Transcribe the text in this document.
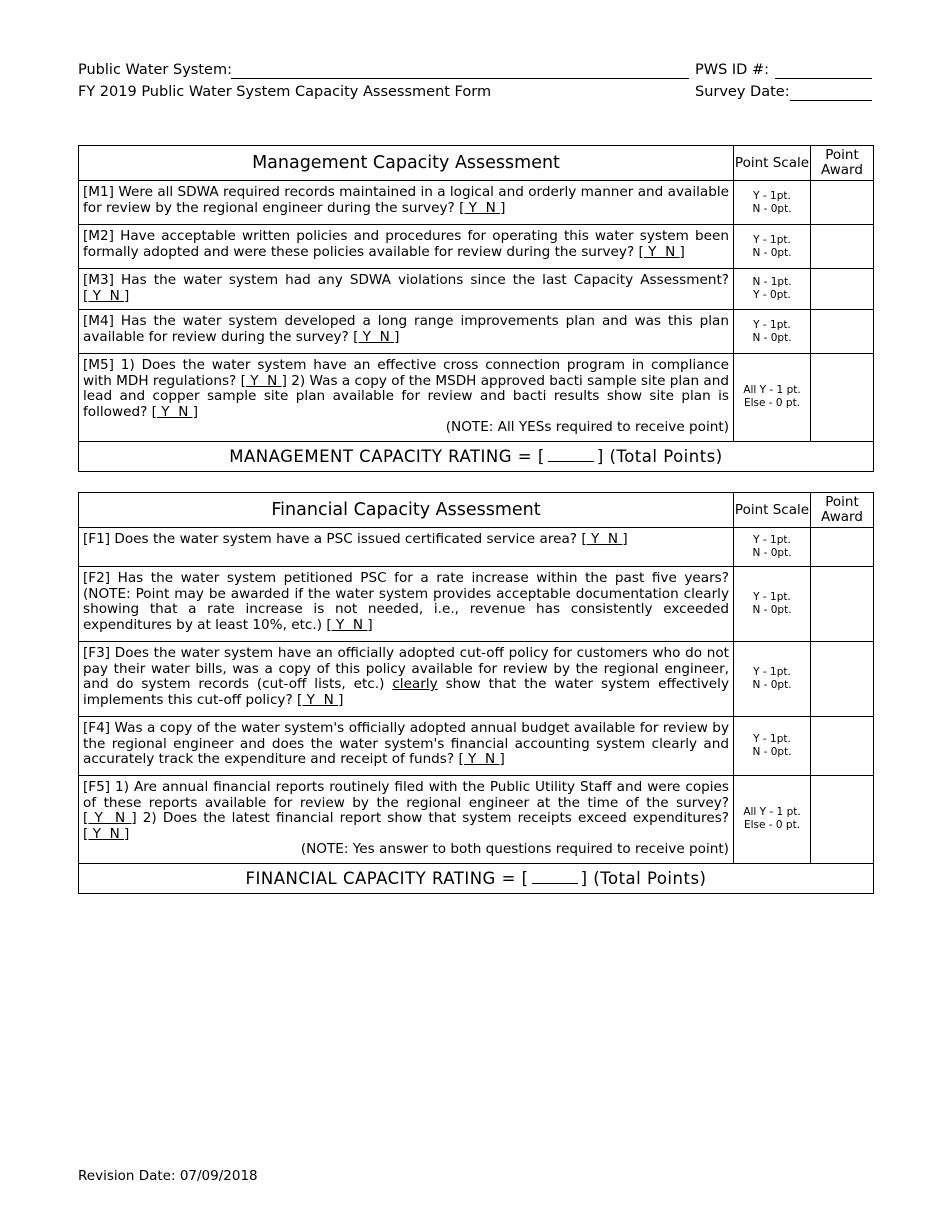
Public Water System:	PWS ID #:
FY 2019 Public Water System Capacity Assessment Form	Survey Date:
Management Capacity Assessment	Point Scale	Point Award
[M1] Were all SDWA required records maintained in a logical and orderly manner and available for review by the regional engineer during the survey? [ Y  N ]	Y - 1pt.
N - 0pt.	
[M2] Have acceptable written policies and procedures for operating this water system been formally adopted and were these policies available for review during the survey? [ Y  N ]	Y - 1pt.
N - 0pt.	
[M3] Has the water system had any SDWA violations since the last Capacity Assessment? [ Y  N ]	N - 1pt.
Y - 0pt.	
[M4] Has the water system developed a long range improvements plan and was this plan available for review during the survey? [ Y  N ]	Y - 1pt.
N - 0pt.	
[M5] 1) Does the water system have an effective cross connection program in compliance with MDH regulations? [ Y  N ] 2) Was a copy of the MSDH approved bacti sample site plan and lead and copper sample site plan available for review and bacti results show site plan is followed? [ Y  N ]
(NOTE: All YESs required to receive point)	All Y - 1 pt.
Else - 0 pt.	
MANAGEMENT CAPACITY RATING = [ ] (Total Points)		
Financial Capacity Assessment	Point Scale	Point Award
[F1] Does the water system have a PSC issued certificated service area? [ Y  N ]	Y - 1pt.
N - 0pt.	
[F2] Has the water system petitioned PSC for a rate increase within the past five years? (NOTE: Point may be awarded if the water system provides acceptable documentation clearly showing that a rate increase is not needed, i.e., revenue has consistently exceeded expenditures by at least 10%, etc.) [ Y  N ]	Y - 1pt.
N - 0pt.	
[F3] Does the water system have an officially adopted cut-off policy for customers who do not pay their water bills, was a copy of this policy available for review by the regional engineer, and do system records (cut-off lists, etc.) clearly show that the water system effectively implements this cut-off policy? [ Y  N ]	Y - 1pt.
N - 0pt.	
[F4] Was a copy of the water system's officially adopted annual budget available for review by the regional engineer and does the water system's financial accounting system clearly and accurately track the expenditure and receipt of funds? [ Y  N ]	Y - 1pt.
N - 0pt.	
[F5] 1) Are annual financial reports routinely filed with the Public Utility Staff and were copies of these reports available for review by the regional engineer at the time of the survey? [ Y  N ] 2) Does the latest financial report show that system receipts exceed expenditures? [ Y  N ]
(NOTE: Yes answer to both questions required to receive point)	All Y - 1 pt.
Else - 0 pt.	
FINANCIAL CAPACITY RATING = [ ] (Total Points)		
Revision Date: 07/09/2018
